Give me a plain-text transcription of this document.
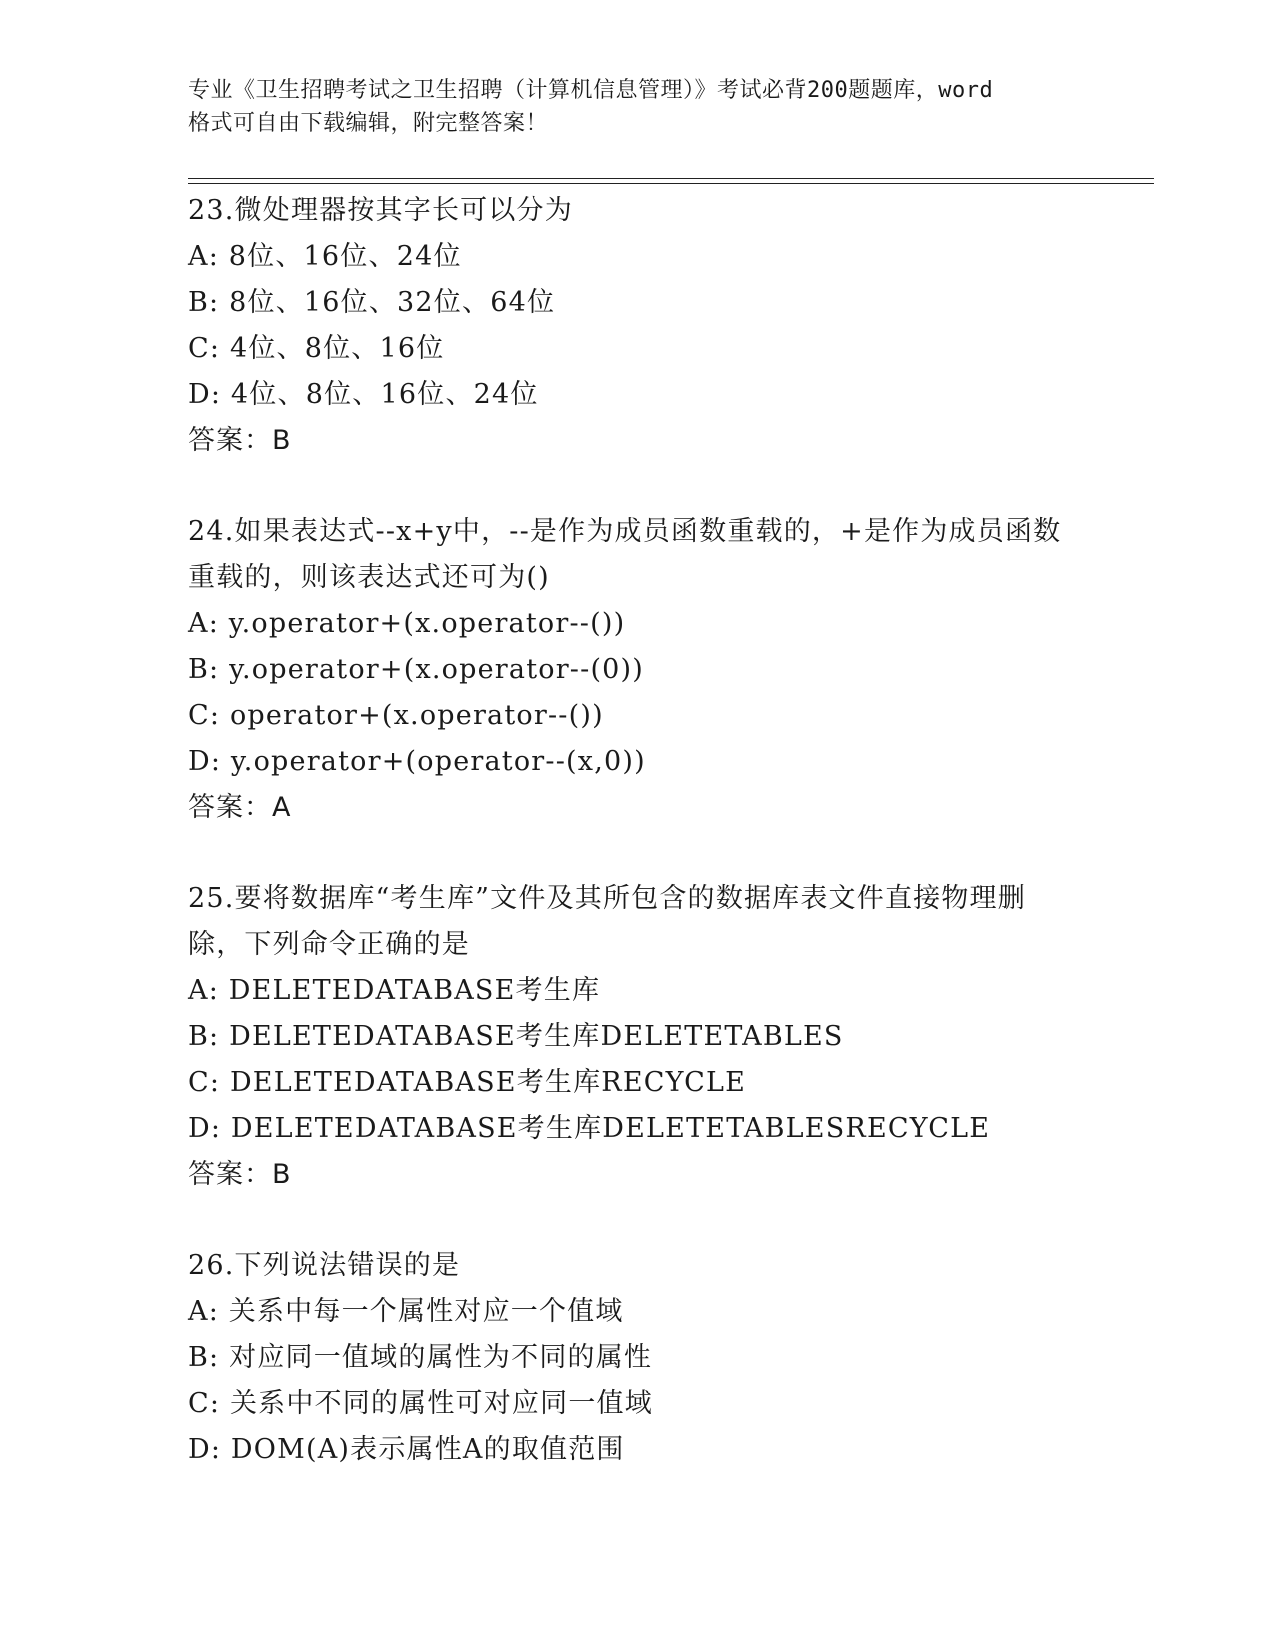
专业《卫生招聘考试之卫生招聘（计算机信息管理）》考试必背200题题库，word
格式可自由下载编辑，附完整答案！
23.微处理器按其字长可以分为
A: 8位、16位、24位
B: 8位、16位、32位、64位
C: 4位、8位、16位
D: 4位、8位、16位、24位
答案：B
24.如果表达式--x+y中，--是作为成员函数重载的，+是作为成员函数
重载的，则该表达式还可为()
A: y.operator+(x.operator--())
B: y.operator+(x.operator--(0))
C: operator+(x.operator--())
D: y.operator+(operator--(x,0))
答案：A
25.要将数据库“考生库”文件及其所包含的数据库表文件直接物理删
除，下列命令正确的是
A: DELETEDATABASE考生库
B: DELETEDATABASE考生库DELETETABLES
C: DELETEDATABASE考生库RECYCLE
D: DELETEDATABASE考生库DELETETABLESRECYCLE
答案：B
26.下列说法错误的是
A: 关系中每一个属性对应一个值域
B: 对应同一值域的属性为不同的属性
C: 关系中不同的属性可对应同一值域
D: DOM(A)表示属性A的取值范围
